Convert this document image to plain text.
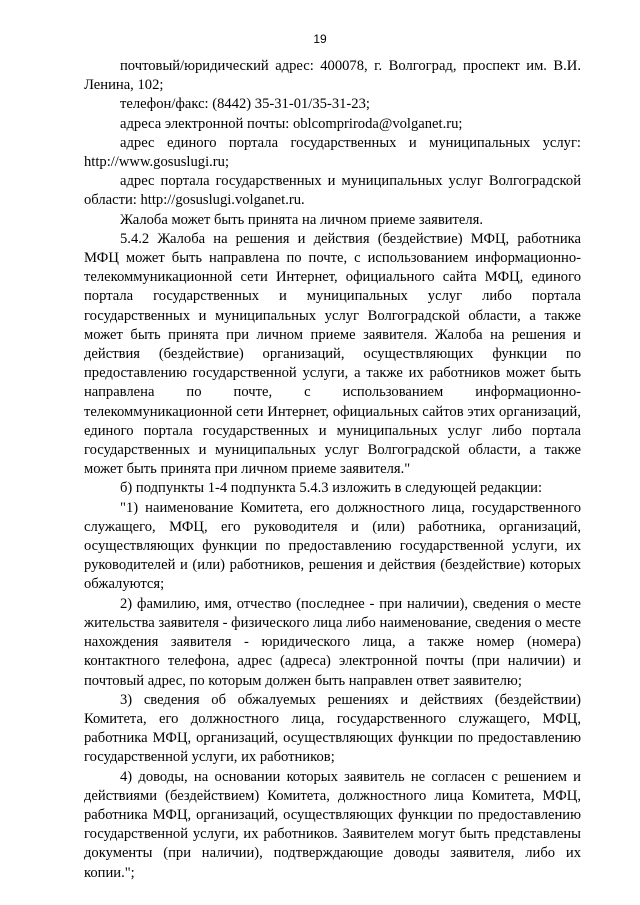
19

почтовый/юридический адрес: 400078, г. Волгоград, проспект им. В.И. Ленина, 102;

телефон/факс: (8442) 35-31-01/35-31-23;

адреса электронной почты: oblcompriroda@volganet.ru;

адрес единого портала государственных и муниципальных услуг: http://www.gosuslugi.ru;

адрес портала государственных и муниципальных услуг Волгоградской области: http://gosuslugi.volganet.ru.

Жалоба может быть принята на личном приеме заявителя.

5.4.2 Жалоба на решения и действия (бездействие) МФЦ, работника МФЦ может быть направлена по почте, с использованием информационно-телекоммуникационной сети Интернет, официального сайта МФЦ, единого портала государственных и муниципальных услуг либо портала государственных и муниципальных услуг Волгоградской области, а также может быть принята при личном приеме заявителя. Жалоба на решения и действия (бездействие) организаций, осуществляющих функции по предоставлению государственной услуги, а также их работников может быть направлена по почте, с использованием информационно-телекоммуникационной сети Интернет, официальных сайтов этих организаций, единого портала государственных и муниципальных услуг либо портала государственных и муниципальных услуг Волгоградской области, а также может быть принята при личном приеме заявителя."

б) подпункты 1-4 подпункта 5.4.3 изложить в следующей редакции:

"1) наименование Комитета, его должностного лица, государственного служащего, МФЦ, его руководителя и (или) работника, организаций, осуществляющих функции по предоставлению государственной услуги, их руководителей и (или) работников, решения и действия (бездействие) которых обжалуются;

2) фамилию, имя, отчество (последнее - при наличии), сведения о месте жительства заявителя - физического лица либо наименование, сведения о месте нахождения заявителя - юридического лица, а также номер (номера) контактного телефона, адрес (адреса) электронной почты (при наличии) и почтовый адрес, по которым должен быть направлен ответ заявителю;

3) сведения об обжалуемых решениях и действиях (бездействии) Комитета, его должностного лица, государственного служащего, МФЦ, работника МФЦ, организаций, осуществляющих функции по предоставлению государственной услуги, их работников;

4) доводы, на основании которых заявитель не согласен с решением и действиями (бездействием) Комитета, должностного лица Комитета, МФЦ, работника МФЦ, организаций, осуществляющих функции по предоставлению государственной услуги, их работников. Заявителем могут быть представлены документы (при наличии), подтверждающие доводы заявителя, либо их копии.";
